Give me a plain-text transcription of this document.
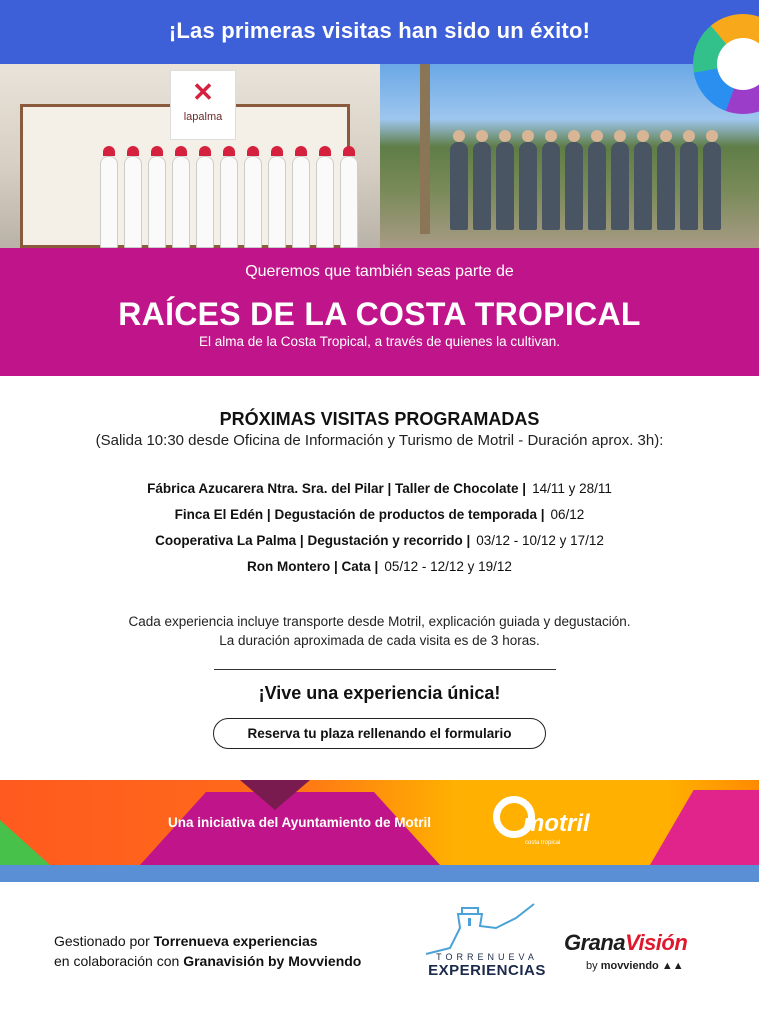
¡Las primeras visitas han sido un éxito!
✕
lapalma
Queremos que también seas parte de
RAÍCES DE LA COSTA TROPICAL
El alma de la Costa Tropical, a través de quienes la cultivan.
PRÓXIMAS VISITAS PROGRAMADAS
(Salida 10:30 desde Oficina de Información y Turismo de Motril - Duración aprox. 3h):
Fábrica Azucarera Ntra. Sra. del Pilar | Taller de Chocolate | 14/11 y 28/11
Finca El Edén | Degustación de productos de temporada | 06/12
Cooperativa La Palma | Degustación y recorrido | 03/12 - 10/12 y 17/12
Ron Montero | Cata | 05/12 - 12/12 y 19/12
Cada experiencia incluye transporte desde Motril, explicación guiada y degustación.
La duración aproximada de cada visita es de 3 horas.
¡Vive una experiencia única!
Reserva tu plaza rellenando el formulario
Una iniciativa del Ayuntamiento de Motril	motril
costa tropical
Gestionado por Torrenueva experiencias
en colaboración con Granavisión by Movviendo	TORRENUEVA
EXPERIENCIAS
GranaVisión
by movviendo ▲▲
